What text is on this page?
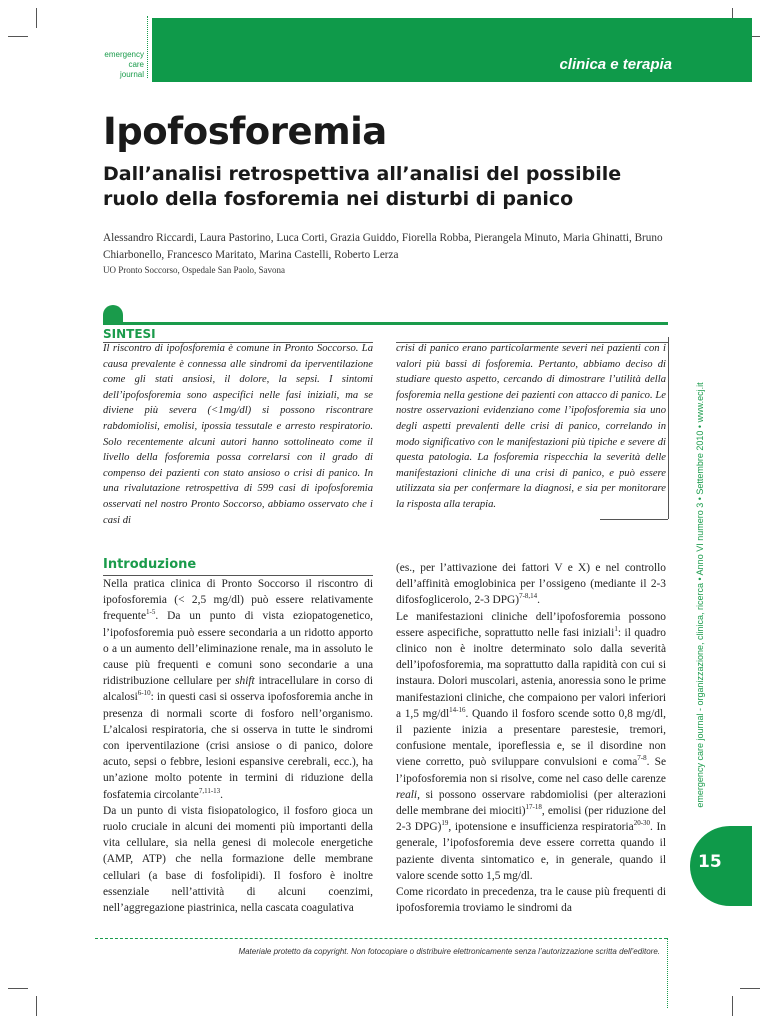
emergency
care
journal
clinica e terapia
Ipofosforemia
Dall’analisi retrospettiva all’analisi del possibile ruolo della fosforemia nei disturbi di panico
Alessandro Riccardi, Laura Pastorino, Luca Corti, Grazia Guiddo, Fiorella Robba, Pierangela Minuto, Maria Ghinatti, Bruno Chiarbonello, Francesco Maritato, Marina Castelli, Roberto Lerza
UO Pronto Soccorso, Ospedale San Paolo, Savona
SINTESI

Il riscontro di ipofosforemia è comune in Pronto Soccorso. La causa prevalente è connessa alle sindromi da iperventilazione come gli stati ansiosi, il dolore, la sepsi. I sintomi dell’ipofosforemia sono aspecifici nelle fasi iniziali, ma se diviene più severa (<1mg/dl) si possono riscontrare rabdomiolisi, emolisi, ipossia tessutale e arresto respiratorio. Solo recentemente alcuni autori hanno sottolineato come il livello della fosforemia possa correlarsi con il grado di compenso dei pazienti con stato ansioso o crisi di panico. In una rivalutazione retrospettiva di 599 casi di ipofosforemia osservati nel nostro Pronto Soccorso, abbiamo osservato che i casi di

crisi di panico erano particolarmente severi nei pazienti con i valori più bassi di fosforemia. Pertanto, abbiamo deciso di studiare questo aspetto, cercando di dimostrare l’utilità della fosforemia nella gestione dei pazienti con attacco di panico. Le nostre osservazioni evidenziano come l’ipofosforemia sia uno degli aspetti prevalenti delle crisi di panico, correlando in modo significativo con le manifestazioni più tipiche e severe di questa patologia. La fosforemia rispecchia la severità delle manifestazioni cliniche di una crisi di panico, e può essere utilizzata sia per confermare la diagnosi, e sia per monitorare la risposta alla terapia.

Introduzione

Nella pratica clinica di Pronto Soccorso il riscontro di ipofosforemia (< 2,5 mg/dl) può essere relativamente frequente$^{1-5}$. Da un punto di vista eziopatogenetico, l’ipofosforemia può essere secondaria a un ridotto apporto o a un aumento dell’eliminazione renale, ma in assoluto le cause più frequenti e comuni sono secondarie a una ridistribuzione cellulare per shift intracellulare in corso di alcalosi$^{6-10}$: in questi casi si osserva ipofosforemia anche in presenza di normali scorte di fosforo nell’organismo. L’alcalosi respiratoria, che si osserva in tutte le sindromi con iperventilazione (crisi ansiose o di panico, dolore acuto, sepsi o febbre, lesioni espansive cerebrali, ecc.), ha un’azione molto potente in termini di riduzione della fosfatemia circolante$^{7,11-13}$.

Da un punto di vista fisiopatologico, il fosforo gioca un ruolo cruciale in alcuni dei momenti più importanti della vita cellulare, sia nella genesi di molecole energetiche (AMP, ATP) che nella formazione delle membrane cellulari (a base di fosfolipidi). Il fosforo è inoltre essenziale nell’attività di alcuni coenzimi, nell’aggregazione piastrinica, nella cascata coagulativa

(es., per l’attivazione dei fattori V e X) e nel controllo dell’affinità emoglobinica per l’ossigeno (mediante il 2-3 difosfoglicerolo, 2-3 DPG)$^{7-8,14}$.

Le manifestazioni cliniche dell’ipofosforemia possono essere aspecifiche, soprattutto nelle fasi iniziali$^1$: il quadro clinico non è inoltre determinato solo dalla severità dell’ipofosforemia, ma soprattutto dalla rapidità con cui si instaura. Dolori muscolari, astenia, anoressia sono le prime manifestazioni cliniche, che compaiono per valori inferiori a 1,5 $mg/dl^{14-16}$. Quando il fosforo scende sotto 0,8 mg/dl, il paziente inizia a presentare parestesie, tremori, confusione mentale, iporeflessia e, se il disordine non viene corretto, può sviluppare convulsioni e coma$^{7-8}$. Se l’ipofosforemia non si risolve, come nel caso delle carenze reali, si possono osservare rabdomiolisi (per alterazioni delle membrane dei miociti)$^{17-18}$, emolisi (per riduzione del 2-3 DPG)$^{19}$, ipotensione e insufficienza respiratoria$^{20-30}$. In generale, l’ipofosforemia deve essere corretta quando il paziente diventa sintomatico e, in generale, quando il valore scende sotto 1,5 mg/dl.

Come ricordato in precedenza, tra le cause più frequenti di ipofosforemia troviamo le sindromi da

emergency care journal - organizzazione, clinica, ricerca • Anno VI numero 3 • Settembre 2010 • www.ecj.it
15
Materiale protetto da copyright. Non fotocopiare o distribuire elettronicamente senza l’autorizzazione scritta dell’editore.
